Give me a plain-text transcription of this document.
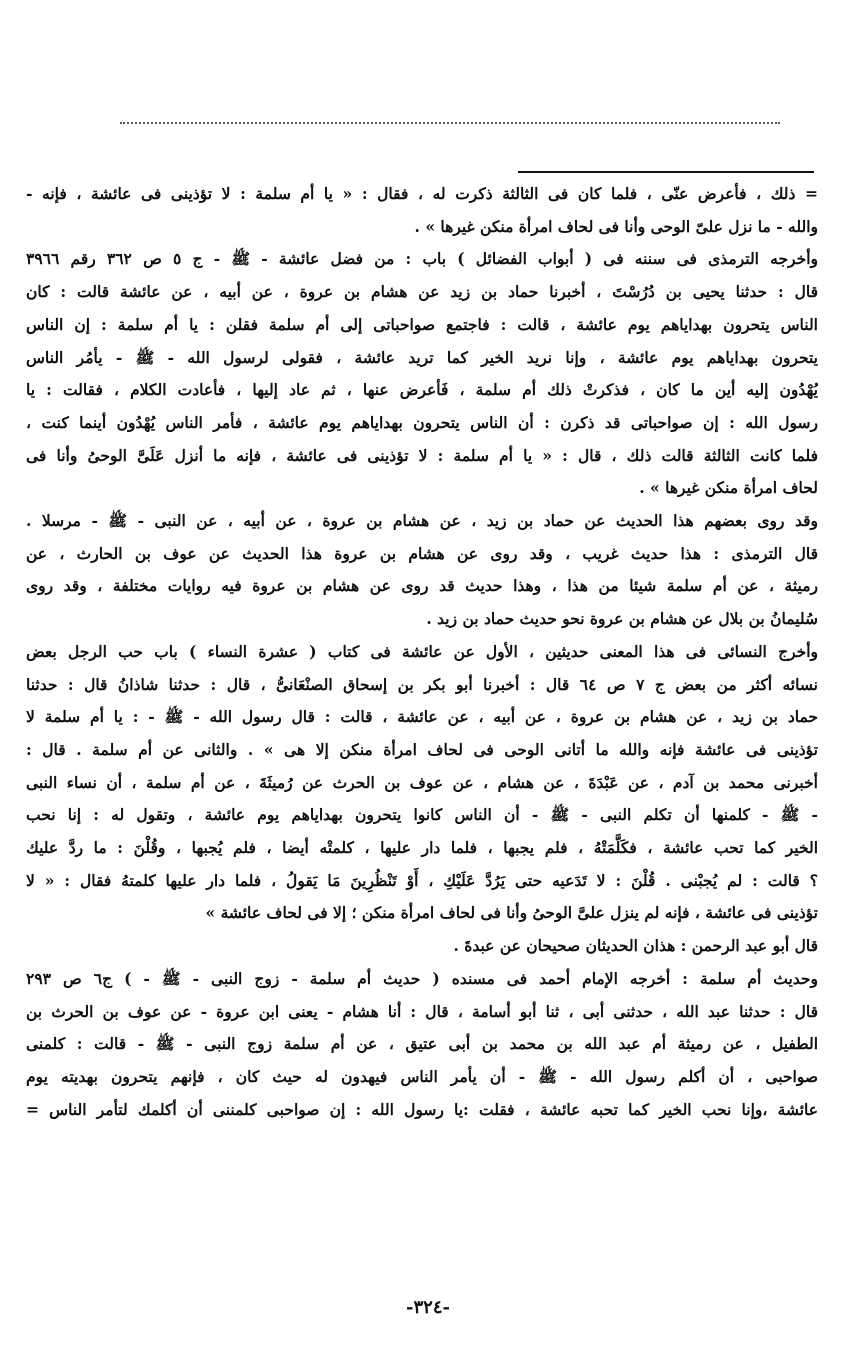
= ذلك ، فأعرض عنّى ، فلما كان فى الثالثة ذكرت له ، فقال : « يا أم سلمة : لا تؤذينى فى عائشة ، فإنه -

والله - ما نزل علىّ الوحى وأنا فى لحاف امرأة منكن غيرها » .

وأخرجه الترمذى فى سننه فى ( أبواب الفضائل ) باب : من فضل عائشة - ﷺ - ج ٥ ص ٣٦٢ رقم ٣٩٦٦

قال : حدثنا يحيى بن دُرُسْتَ ، أخبرنا حماد بن زيد عن هشام بن عروة ، عن أبيه ، عن عائشة قالت : كان

الناس يتحرون بهداياهم يوم عائشة ، قالت : فاجتمع صواحباتى إلى أم سلمة فقلن : يا أم سلمة : إن الناس

يتحرون بهداياهم يوم عائشة ، وإنا نريد الخير كما تريد عائشة ، فقولى لرسول الله - ﷺ - يأمُر الناس

يُهْدُون إليه أين ما كان ، فذكرتْ ذلك أم سلمة ، فَأعرض عنها ، ثم عاد إليها ، فأعادت الكلام ، فقالت : يا

رسول الله : إن صواحباتى قد ذكرن : أن الناس يتحرون بهداياهم يوم عائشة ، فأمر الناس يُهْدُون أينما كنت ،

فلما كانت الثالثة قالت ذلك ، قال : « يا أم سلمة : لا تؤذينى فى عائشة ، فإنه ما أنزل عَلَىَّ الوحىُ وأنا فى

لحاف امرأة منكن غيرها » .

وقد روى بعضهم هذا الحديث عن حماد بن زيد ، عن هشام بن عروة ، عن أبيه ، عن النبى - ﷺ - مرسلا .

قال الترمذى : هذا حديث غريب ، وقد روى عن هشام بن عروة هذا الحديث عن عوف بن الحارث ، عن

رميثة ، عن أم سلمة شيئا من هذا ، وهذا حديث قد روى عن هشام بن عروة فيه روايات مختلفة ، وقد روى

سُليمانُ بن بلال عن هشام بن عروة نحو حديث حماد بن زيد .

وأخرج النسائى فى هذا المعنى حديثين ، الأول عن عائشة فى كتاب ( عشرة النساء ) باب حب الرجل بعض

نسائه أكثر من بعض ج ٧ ص ٦٤ قال : أخبرنا أبو بكر بن إسحاق الصنْعَانىُّ ، قال : حدثنا شاذانُ قال : حدثنا

حماد بن زيد ، عن هشام بن عروة ، عن أبيه ، عن عائشة ، قالت : قال رسول الله - ﷺ - : يا أم سلمة لا

تؤذينى فى عائشة فإنه والله ما أتانى الوحى فى لحاف امرأة منكن إلا هى » . والثانى عن أم سلمة . قال :

أخبرنى محمد بن آدم ، عن عَبْدَةَ ، عن هشام ، عن عوف بن الحرث عن رُميثَةَ ، عن أم سلمة ، أن نساء النبى

- ﷺ - كلمنها أن تكلم النبى - ﷺ - أن الناس كانوا يتحرون بهداياهم يوم عائشة ، وتقول له : إنا نحب

الخير كما تحب عائشة ، فكَلَّمَتْهُ ، فلم يجبها ، فلما دار عليها ، كلمتْه أيضا ، فلم يُجبها ، وقُلْنَ : ما ردَّ عليك

؟ قالت : لم يُجبْنى . قُلْنَ : لا تَدَعيه حتى يَرُدَّ عَلَيْكِ ، أَوْ تَنْظُرِينَ مَا يَقولُ ، فلما دار عليها كلمتهُ فقال : « لا

تؤذينى فى عائشة ، فإنه لم ينزل علىَّ الوحىُ وأنا فى لحاف امرأة منكن ؛ إلا فى لحاف عائشة »

قال أبو عبد الرحمن : هذان الحديثان صحيحان عن عبدةَ .

وحديث أم سلمة : أخرجه الإمام أحمد فى مسنده ( حديث أم سلمة - زوج النبى - ﷺ - ) ج٦ ص ٢٩٣

قال : حدثنا عبد الله ، حدثنى أبى ، ثنا أبو أسامة ، قال : أنا هشام - يعنى ابن عروة - عن عوف بن الحرث بن

الطفيل ، عن رميثة أم عبد الله بن محمد بن أبى عتيق ، عن أم سلمة زوج النبى - ﷺ - قالت : كلمنى

صواحبى ، أن أكلم رسول الله - ﷺ - أن يأمر الناس فيهدون له حيث كان ، فإنهم يتحرون بهديته يوم

عائشة ،وإنا نحب الخير كما تحبه عائشة ، فقلت :يا رسول الله : إن صواحبى كلمننى أن أكلمك لتأمر الناس =

-٣٢٤-
